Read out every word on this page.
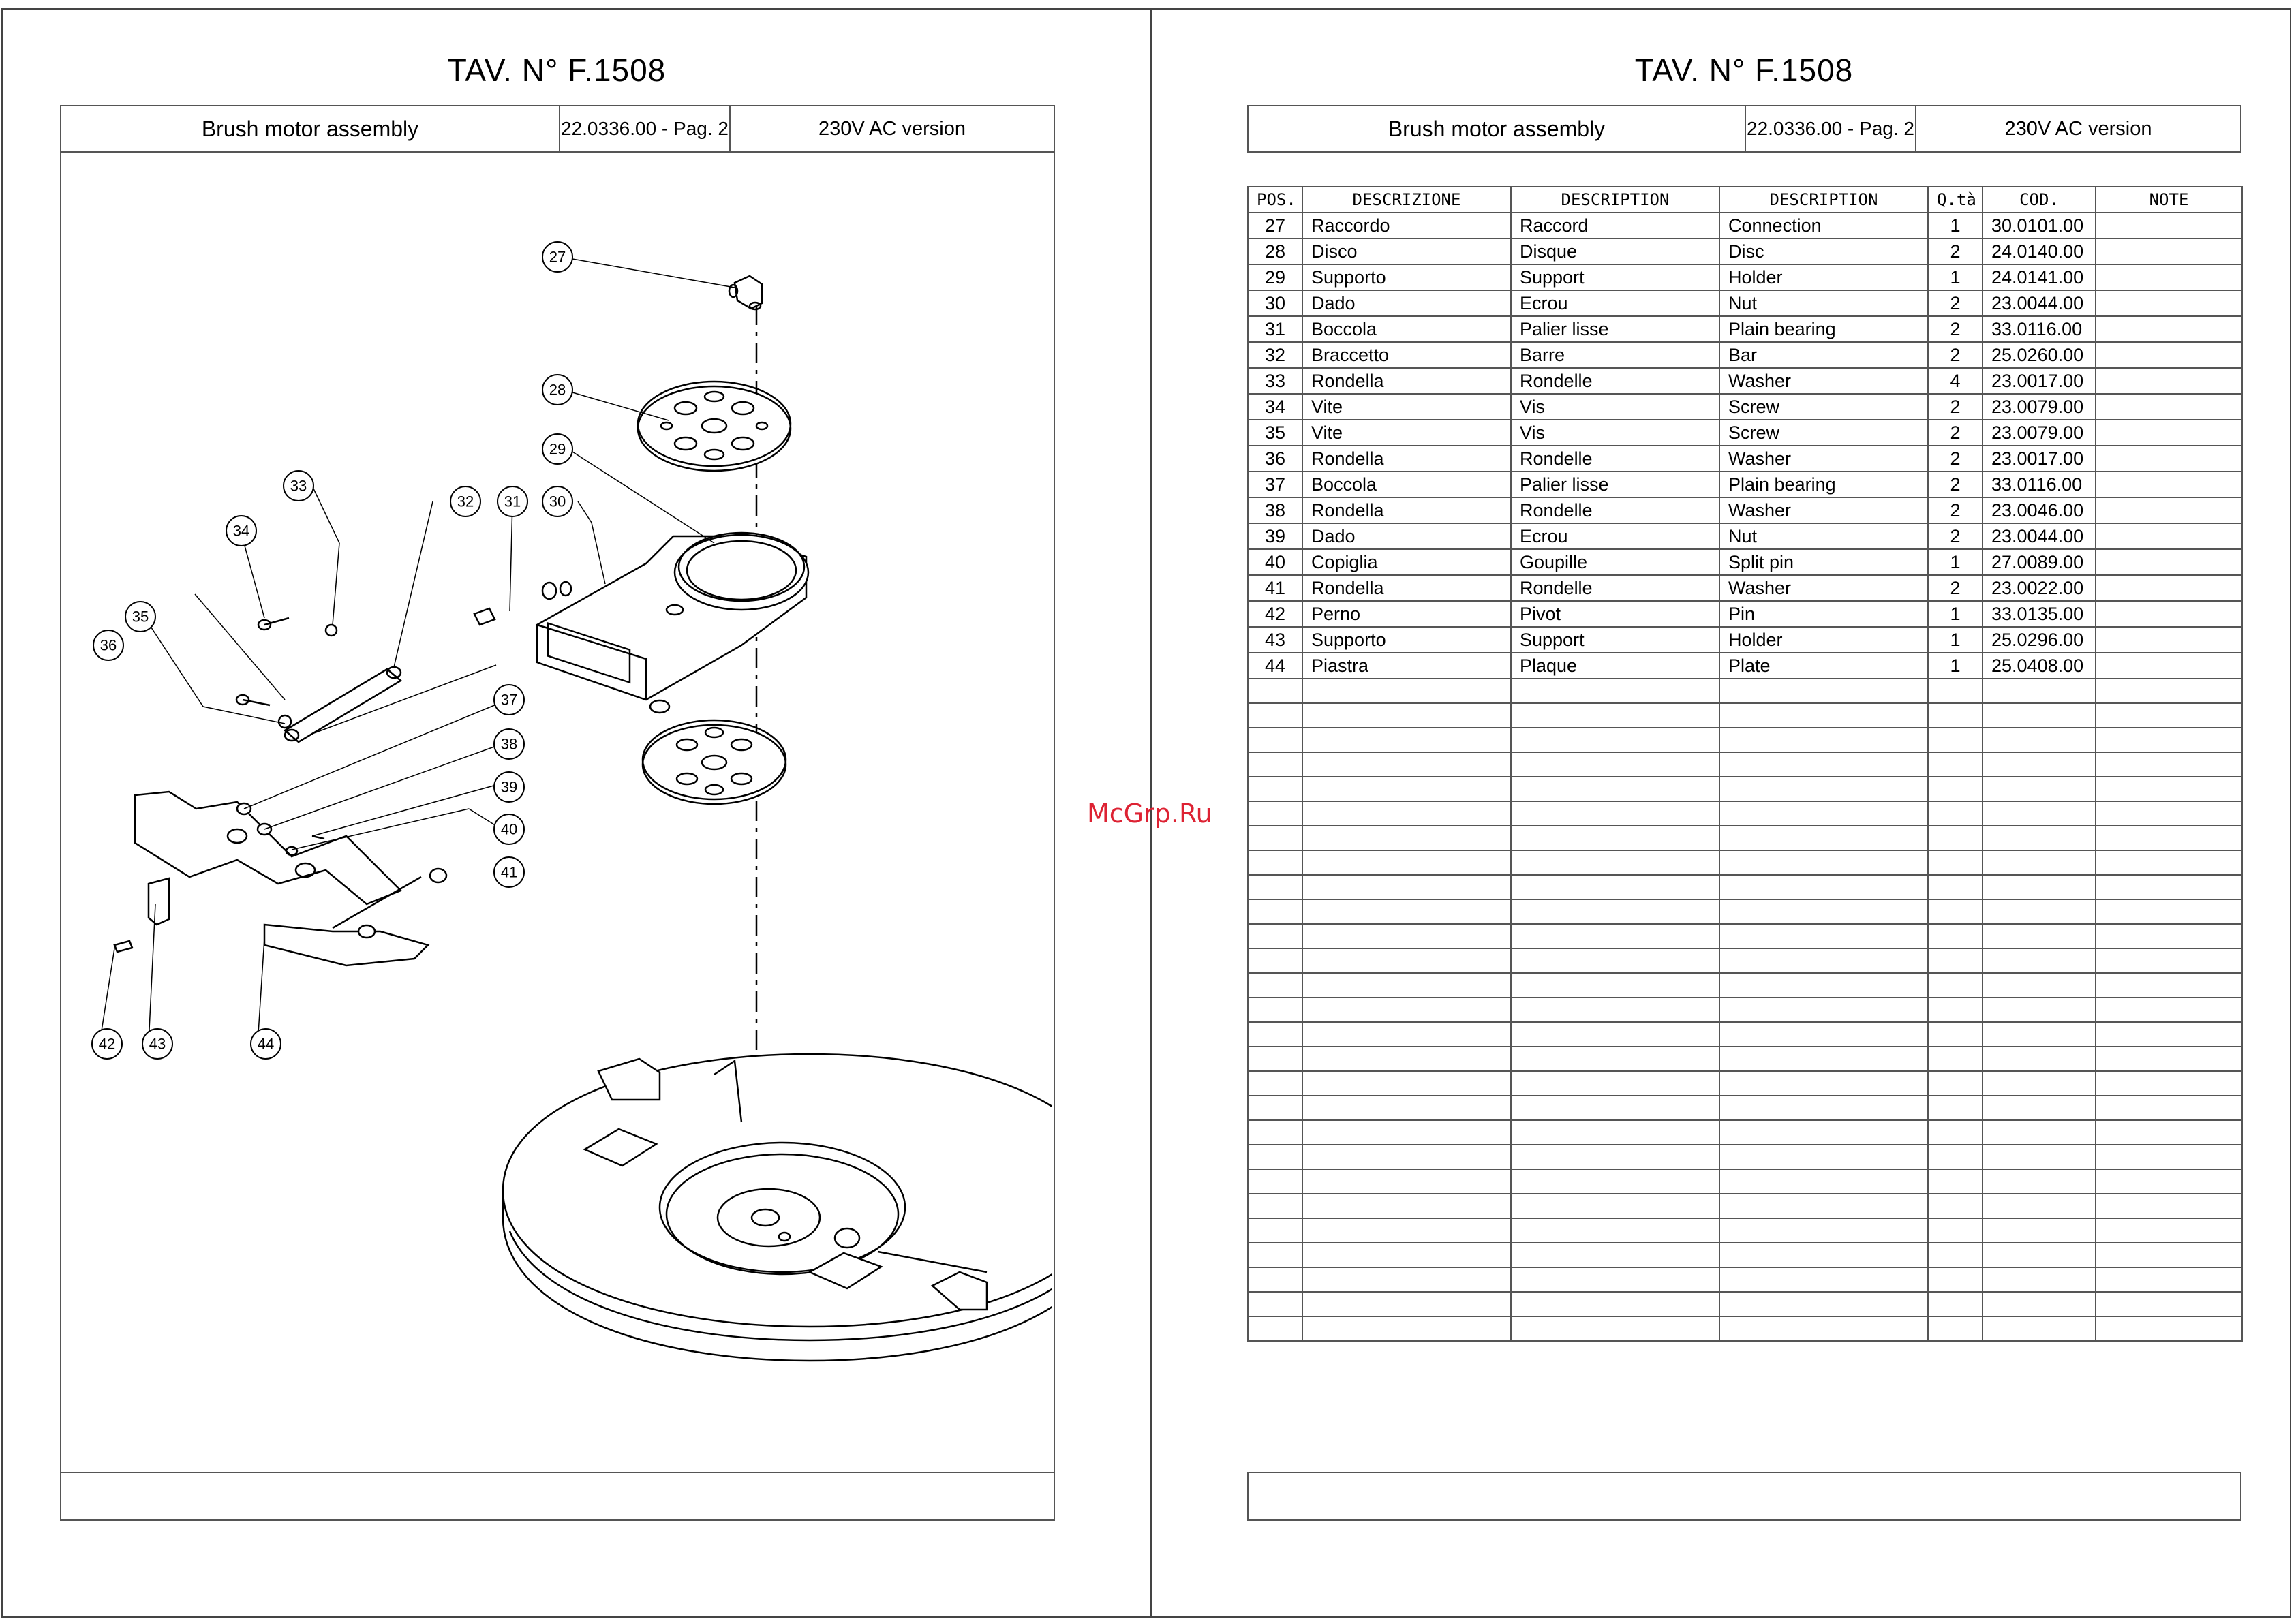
TAV. N° F.1508
Brush motor assembly	22.0336.00 - Pag. 2	230V AC version
27
28
29
30
31
32
33
34
35
36
37
38
39
40
41
42 43	44
TAV. N° F.1508
Brush motor assembly	22.0336.00 - Pag. 2	230V AC version
POS.	DESCRIZIONE	DESCRIPTION	DESCRIPTION	Q.tà	COD.	NOTE
27	Raccordo	Raccord	Connection	1	30.0101.00	
28	Disco	Disque	Disc	2	24.0140.00	
29	Supporto	Support	Holder	1	24.0141.00	
30	Dado	Ecrou	Nut	2	23.0044.00	
31	Boccola	Palier lisse	Plain bearing	2	33.0116.00	
32	Braccetto	Barre	Bar	2	25.0260.00	
33	Rondella	Rondelle	Washer	4	23.0017.00	
34	Vite	Vis	Screw	2	23.0079.00	
35	Vite	Vis	Screw	2	23.0079.00	
36	Rondella	Rondelle	Washer	2	23.0017.00	
37	Boccola	Palier lisse	Plain bearing	2	33.0116.00	
38	Rondella	Rondelle	Washer	2	23.0046.00	
39	Dado	Ecrou	Nut	2	23.0044.00	
40	Copiglia	Goupille	Split pin	1	27.0089.00	
41	Rondella	Rondelle	Washer	2	23.0022.00	
42	Perno	Pivot	Pin	1	33.0135.00	
43	Supporto	Support	Holder	1	25.0296.00	
44	Piastra	Plaque	Plate	1	25.0408.00	

McGrp.Ru
